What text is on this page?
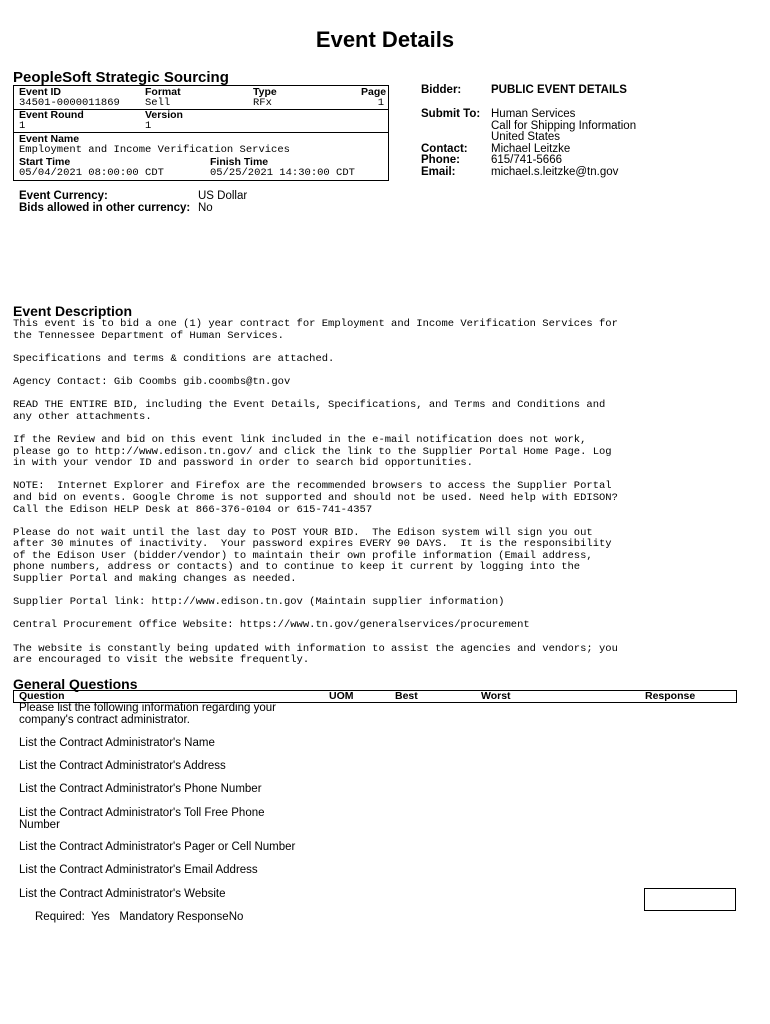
Event Details
PeopleSoft Strategic Sourcing
Event ID	Format	Type	Page
34501-0000011869 Sell	RFx	1
Event Round	Version
1	1
Event Name
Employment and Income Verification Services
Start Time	Finish Time
05/04/2021 08:00:00 CDT	05/25/2021 14:30:00 CDT
Bidder:	PUBLIC EVENT DETAILS
Submit To: Human Services
Call for Shipping Information
United States
Contact: Michael Leitzke
Phone:	615/741-5666
Email:	michael.s.leitzke@tn.gov
Event Currency:	US Dollar
Bids allowed in other currency: No
Event Description

This event is to bid a one (1) year contract for Employment and Income Verification Services for
the Tennessee Department of Human Services.

Specifications and terms & conditions are attached.

Agency Contact: Gib Coombs gib.coombs@tn.gov

READ THE ENTIRE BID, including the Event Details, Specifications, and Terms and Conditions and
any other attachments.

If the Review and bid on this event link included in the e-mail notification does not work,
please go to http://www.edison.tn.gov/ and click the link to the Supplier Portal Home Page. Log
in with your vendor ID and password in order to search bid opportunities.

NOTE:  Internet Explorer and Firefox are the recommended browsers to access the Supplier Portal
and bid on events. Google Chrome is not supported and should not be used. Need help with EDISON?
Call the Edison HELP Desk at 866-376-0104 or 615-741-4357

Please do not wait until the last day to POST YOUR BID.  The Edison system will sign you out
after 30 minutes of inactivity.  Your password expires EVERY 90 DAYS.  It is the responsibility
of the Edison User (bidder/vendor) to maintain their own profile information (Email address,
phone numbers, address or contacts) and to continue to keep it current by logging into the
Supplier Portal and making changes as needed.

Supplier Portal link: http://www.edison.tn.gov (Maintain supplier information)

Central Procurement Office Website: https://www.tn.gov/generalservices/procurement

The website is constantly being updated with information to assist the agencies and vendors; you
are encouraged to visit the website frequently.

General Questions
Question	UOM	Best	Worst	Response
Please list the following information regarding your
company's contract administrator.
List the Contract Administrator's Name
List the Contract Administrator's Address
List the Contract Administrator's Phone Number
List the Contract Administrator's Toll Free Phone
Number
List the Contract Administrator's Pager or Cell Number
List the Contract Administrator's Email Address
List the Contract Administrator's Website
Required:  Yes   Mandatory ResponseNo
